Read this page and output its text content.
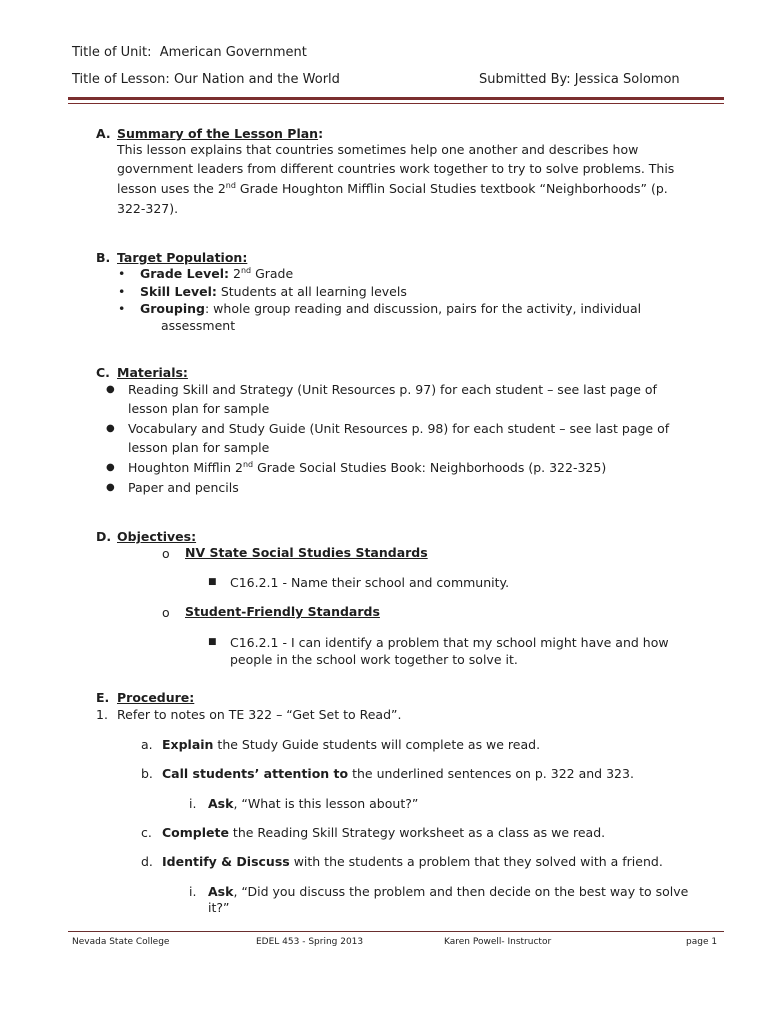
Title of Unit: American Government
Title of Lesson: Our Nation and the World	Submitted By: Jessica Solomon
A. Summary of the Lesson Plan:
This lesson explains that countries sometimes help one another and describes how
government leaders from different countries work together to try to solve problems. This
lesson uses the 2nd Grade Houghton Mifflin Social Studies textbook “Neighborhoods” (p.
322-327).
B. Target Population:
• Grade Level: 2nd Grade
• Skill Level: Students at all learning levels
• Grouping: whole group reading and discussion, pairs for the activity, individual
assessment
C. Materials:
● Reading Skill and Strategy (Unit Resources p. 97) for each student – see last page of
lesson plan for sample
● Vocabulary and Study Guide (Unit Resources p. 98) for each student – see last page of
lesson plan for sample
● Houghton Mifflin 2nd Grade Social Studies Book: Neighborhoods (p. 322-325)
● Paper and pencils
D. Objectives:
o NV State Social Studies Standards
■ C16.2.1 - Name their school and community.
o Student-Friendly Standards
■ C16.2.1 - I can identify a problem that my school might have and how
people in the school work together to solve it.
E. Procedure:
1. Refer to notes on TE 322 – “Get Set to Read”.
a. Explain the Study Guide students will complete as we read.
b. Call students’ attention to the underlined sentences on p. 322 and 323.
i. Ask, “What is this lesson about?”
c. Complete the Reading Skill Strategy worksheet as a class as we read.
d. Identify & Discuss with the students a problem that they solved with a friend.
i. Ask, “Did you discuss the problem and then decide on the best way to solve
it?”
Nevada State College	EDEL 453 - Spring 2013	Karen Powell- Instructor	page 1
